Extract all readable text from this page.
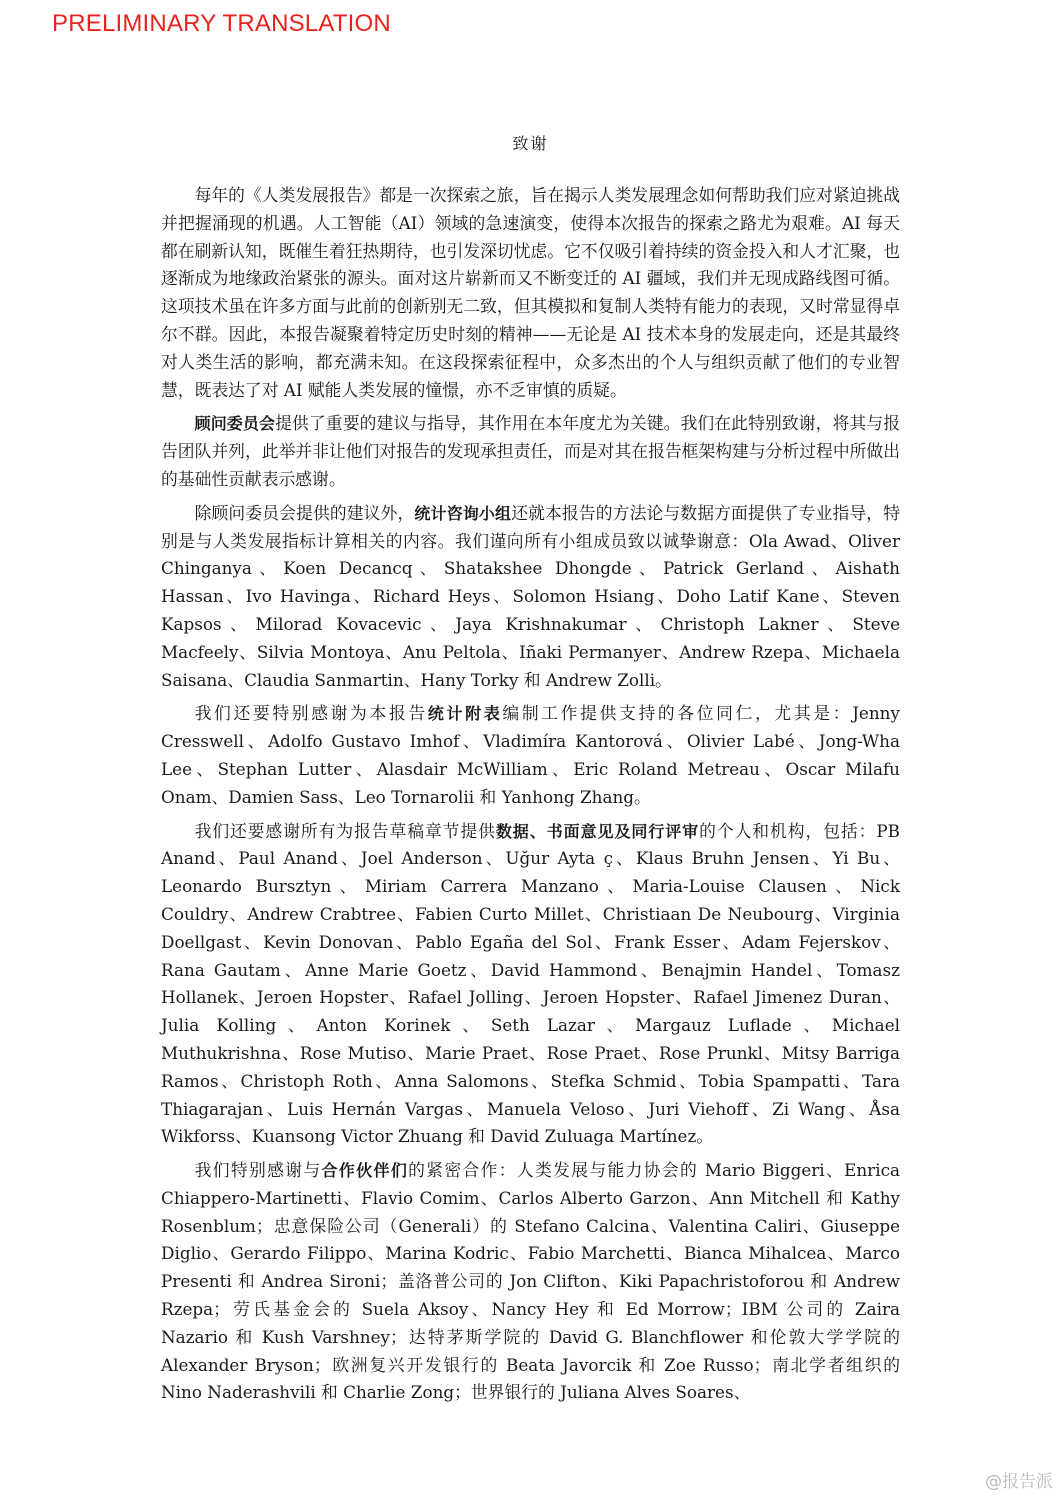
PRELIMINARY TRANSLATION
致谢

每年的《人类发展报告》都是一次探索之旅，旨在揭示人类发展理念如何帮助我们应对紧迫挑战并把握涌现的机遇。人工智能（AI）领域的急速演变，使得本次报告的探索之路尤为艰难。AI 每天都在刷新认知，既催生着狂热期待，也引发深切忧虑。它不仅吸引着持续的资金投入和人才汇聚，也逐渐成为地缘政治紧张的源头。面对这片崭新而又不断变迁的 AI 疆域，我们并无现成路线图可循。这项技术虽在许多方面与此前的创新别无二致，但其模拟和复制人类特有能力的表现，又时常显得卓尔不群。因此，本报告凝聚着特定历史时刻的精神——无论是 AI 技术本身的发展走向，还是其最终对人类生活的影响，都充满未知。在这段探索征程中，众多杰出的个人与组织贡献了他们的专业智慧，既表达了对 AI 赋能人类发展的憧憬，亦不乏审慎的质疑。

顾问委员会提供了重要的建议与指导，其作用在本年度尤为关键。我们在此特别致谢，将其与报告团队并列，此举并非让他们对报告的发现承担责任，而是对其在报告框架构建与分析过程中所做出的基础性贡献表示感谢。

除顾问委员会提供的建议外，统计咨询小组还就本报告的方法论与数据方面提供了专业指导，特别是与人类发展指标计算相关的内容。我们谨向所有小组成员致以诚挚谢意：Ola Awad、Oliver Chinganya、Koen Decancq、Shatakshee Dhongde、Patrick Gerland、Aishath Hassan、Ivo Havinga、Richard Heys、Solomon Hsiang、Doho Latif Kane、Steven Kapsos、Milorad Kovacevic、Jaya Krishnakumar、Christoph Lakner、Steve Macfeely、Silvia Montoya、Anu Peltola、Iñaki Permanyer、Andrew Rzepa、Michaela Saisana、Claudia Sanmartin、Hany Torky 和 Andrew Zolli。

我们还要特别感谢为本报告统计附表编制工作提供支持的各位同仁，尤其是：Jenny Cresswell、Adolfo Gustavo Imhof、Vladimíra Kantorová、Olivier Labé、Jong-Wha Lee、Stephan Lutter、Alasdair McWilliam、Eric Roland Metreau、Oscar Milafu Onam、Damien Sass、Leo Tornarolii 和 Yanhong Zhang。

我们还要感谢所有为报告草稿章节提供数据、书面意见及同行评审的个人和机构，包括：PB Anand、Paul Anand、Joel Anderson、Uğur Ayta ç、Klaus Bruhn Jensen、Yi Bu、Leonardo Bursztyn、Miriam Carrera Manzano、Maria-Louise Clausen、Nick Couldry、Andrew Crabtree、Fabien Curto Millet、Christiaan De Neubourg、Virginia Doellgast、Kevin Donovan、Pablo Egaña del Sol、Frank Esser、Adam Fejerskov、Rana Gautam、Anne Marie Goetz、David Hammond、Benajmin Handel、Tomasz Hollanek、Jeroen Hopster、Rafael Jolling、Jeroen Hopster、Rafael Jimenez Duran、Julia Kolling、Anton Korinek、Seth Lazar、Margauz Luflade、Michael Muthukrishna、Rose Mutiso、Marie Praet、Rose Praet、Rose Prunkl、Mitsy Barriga Ramos、Christoph Roth、Anna Salomons、Stefka Schmid、Tobia Spampatti、Tara Thiagarajan、Luis Hernán Vargas、Manuela Veloso、Juri Viehoff、Zi Wang、Åsa Wikforss、Kuansong Victor Zhuang 和 David Zuluaga Martínez。

我们特别感谢与合作伙伴们的紧密合作：人类发展与能力协会的 Mario Biggeri、Enrica Chiappero-Martinetti、Flavio Comim、Carlos Alberto Garzon、Ann Mitchell 和 Kathy Rosenblum；忠意保险公司（Generali）的 Stefano Calcina、Valentina Caliri、Giuseppe Diglio、Gerardo Filippo、Marina Kodric、Fabio Marchetti、Bianca Mihalcea、Marco Presenti 和 Andrea Sironi；盖洛普公司的 Jon Clifton、Kiki Papachristoforou 和 Andrew Rzepa；劳氏基金会的 Suela Aksoy、Nancy Hey 和 Ed Morrow；IBM 公司的 Zaira Nazario 和 Kush Varshney；达特茅斯学院的 David G. Blanchflower 和伦敦大学学院的 Alexander Bryson；欧洲复兴开发银行的 Beata Javorcik 和 Zoe Russo；南北学者组织的 Nino Naderashvili 和 Charlie Zong；世界银行的 Juliana Alves Soares、

@报告派
